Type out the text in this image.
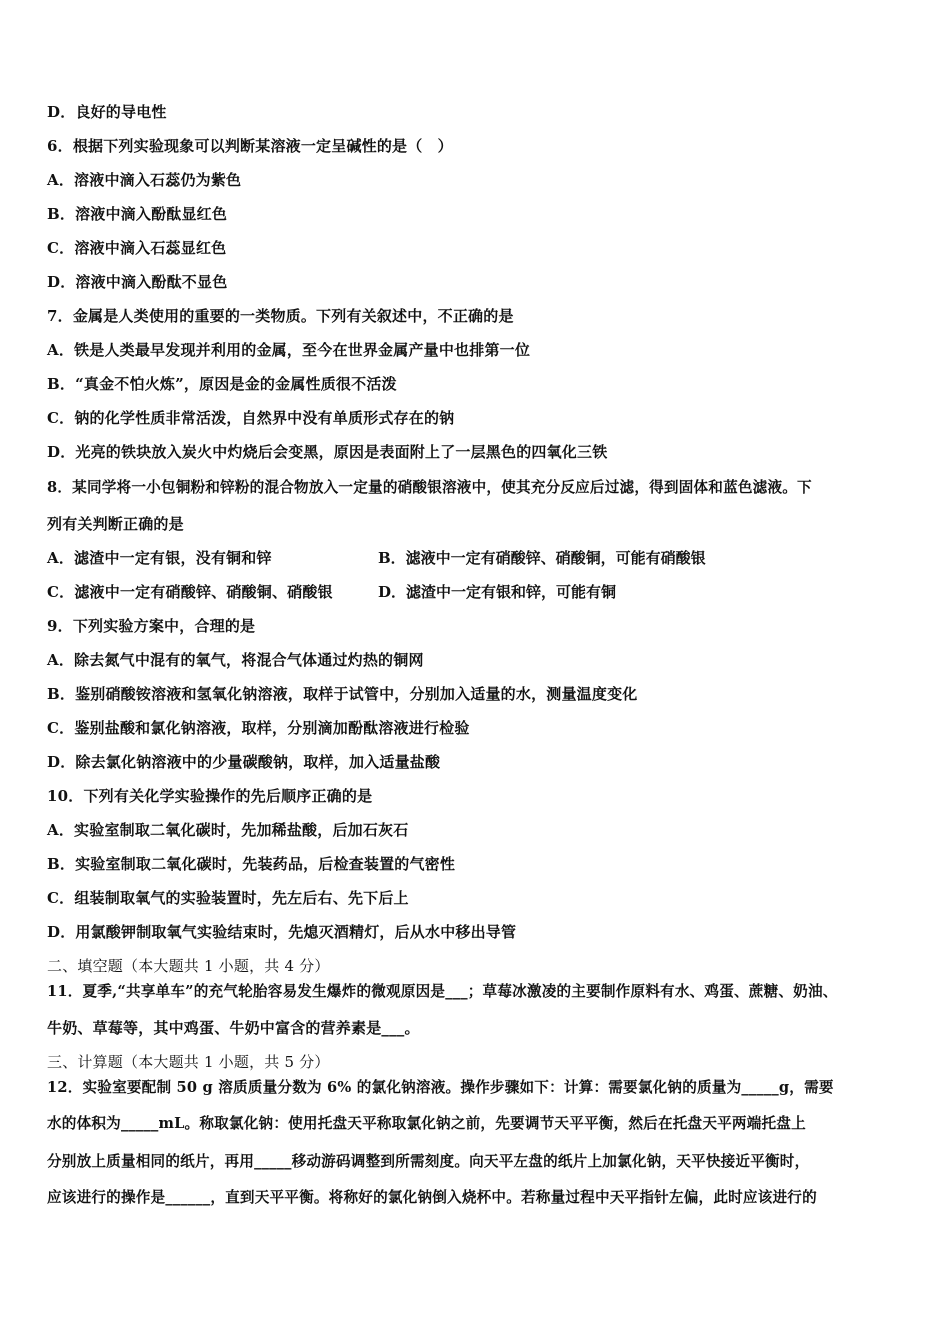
D．良好的导电性
6．根据下列实验现象可以判断某溶液一定呈碱性的是（　）
A．溶液中滴入石蕊仍为紫色
B．溶液中滴入酚酞显红色
C．溶液中滴入石蕊显红色
D．溶液中滴入酚酞不显色
7．金属是人类使用的重要的一类物质。下列有关叙述中，不正确的是
A．铁是人类最早发现并利用的金属，至今在世界金属产量中也排第一位
B．“真金不怕火炼”，原因是金的金属性质很不活泼
C．钠的化学性质非常活泼，自然界中没有单质形式存在的钠
D．光亮的铁块放入炭火中灼烧后会变黑，原因是表面附上了一层黑色的四氧化三铁
8．某同学将一小包铜粉和锌粉的混合物放入一定量的硝酸银溶液中，使其充分反应后过滤，得到固体和蓝色滤液。下
列有关判断正确的是
A．滤渣中一定有银，没有铜和锌	B．滤液中一定有硝酸锌、硝酸铜，可能有硝酸银
C．滤液中一定有硝酸锌、硝酸铜、硝酸银	D．滤渣中一定有银和锌，可能有铜
9．下列实验方案中，合理的是
A．除去氮气中混有的氧气，将混合气体通过灼热的铜网
B．鉴别硝酸铵溶液和氢氧化钠溶液，取样于试管中，分别加入适量的水，测量温度变化
C．鉴别盐酸和氯化钠溶液，取样，分别滴加酚酞溶液进行检验
D．除去氯化钠溶液中的少量碳酸钠，取样，加入适量盐酸
10．下列有关化学实验操作的先后顺序正确的是
A．实验室制取二氧化碳时，先加稀盐酸，后加石灰石
B．实验室制取二氧化碳时，先装药品，后检查装置的气密性
C．组装制取氧气的实验装置时，先左后右、先下后上
D．用氯酸钾制取氧气实验结束时，先熄灭酒精灯，后从水中移出导管
二、填空题（本大题共 1 小题，共 4 分）
11．夏季,“共享单车”的充气轮胎容易发生爆炸的微观原因是___；草莓冰激凌的主要制作原料有水、鸡蛋、蔗糖、奶油、
牛奶、草莓等，其中鸡蛋、牛奶中富含的营养素是___。
三、计算题（本大题共 1 小题，共 5 分）
12．实验室要配制 50 g 溶质质量分数为 6% 的氯化钠溶液。操作步骤如下：计算：需要氯化钠的质量为_____g，需要
水的体积为_____mL。称取氯化钠：使用托盘天平称取氯化钠之前，先要调节天平平衡，然后在托盘天平两端托盘上
分别放上质量相同的纸片，再用_____移动游码调整到所需刻度。向天平左盘的纸片上加氯化钠，天平快接近平衡时，
应该进行的操作是______，直到天平平衡。将称好的氯化钠倒入烧杯中。若称量过程中天平指针左偏，此时应该进行的
